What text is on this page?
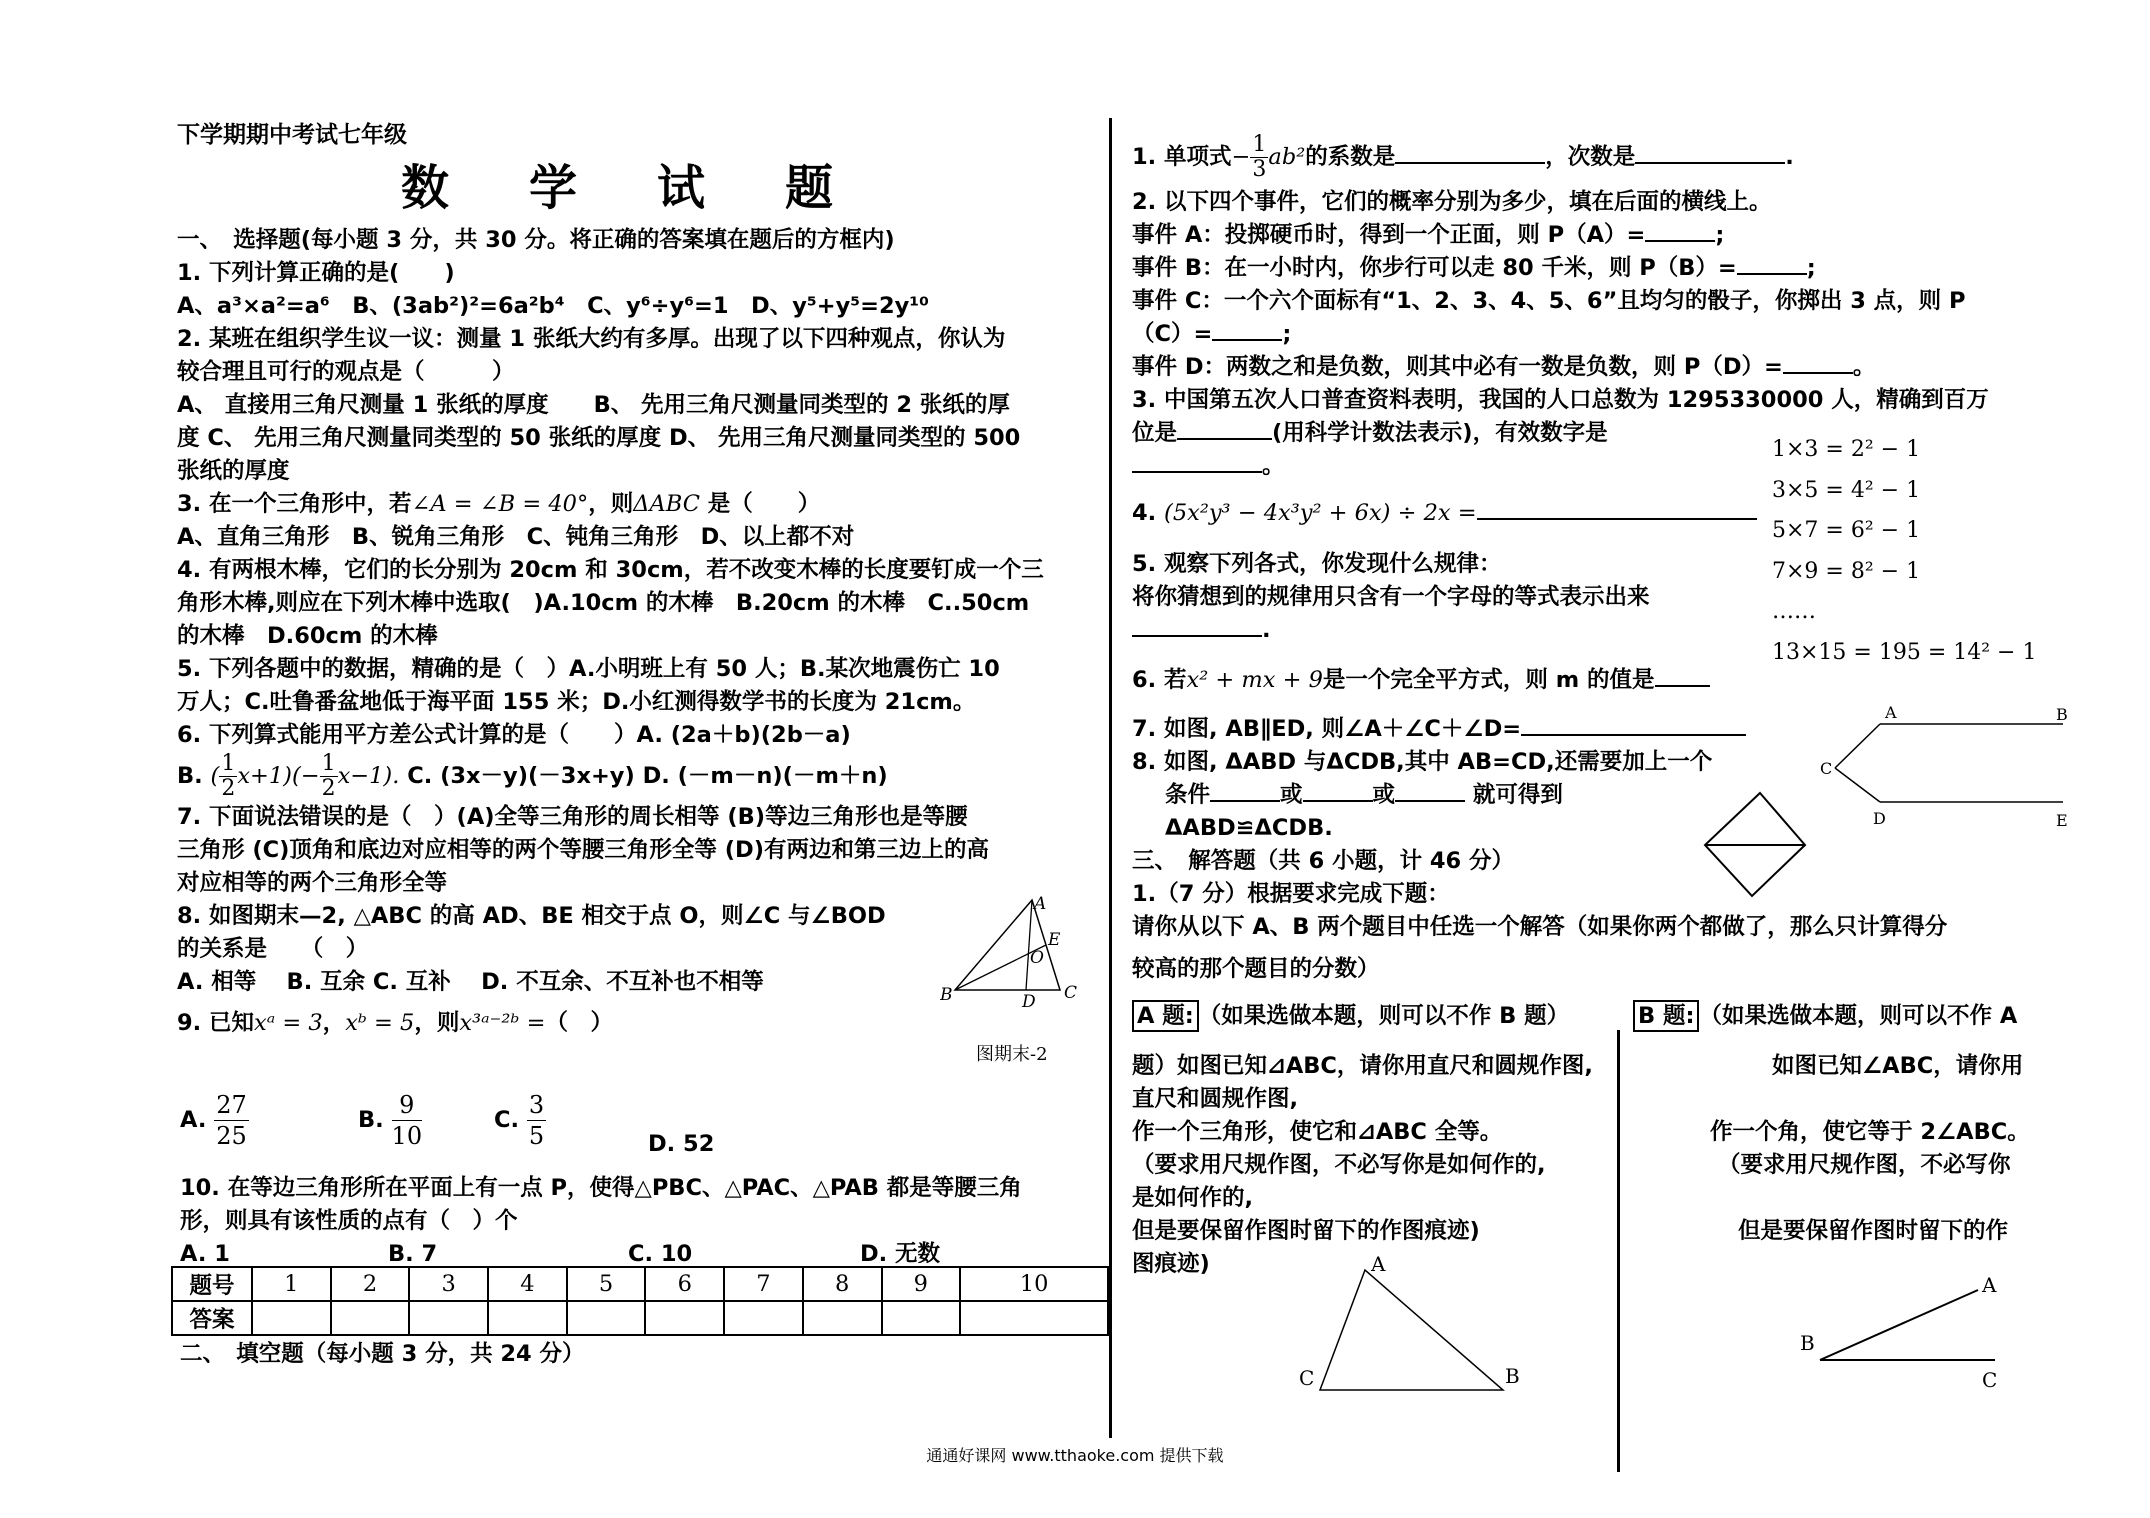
下学期期中考试七年级
数学试题
一、　选择题(每小题 3 分，共 30 分。将正确的答案填在题后的方框内)
1. 下列计算正确的是(　　)
A、a³×a²=a⁶　B、(3ab²)²=6a²b⁴　C、y⁶÷y⁶=1　D、y⁵+y⁵=2y¹⁰
2. 某班在组织学生议一议：测量 1 张纸大约有多厚。出现了以下四种观点，你认为
较合理且可行的观点是（　　　）
A、 直接用三角尺测量 1 张纸的厚度　　B、 先用三角尺测量同类型的 2 张纸的厚
度 C、 先用三角尺测量同类型的 50 张纸的厚度 D、 先用三角尺测量同类型的 500
张纸的厚度
3. 在一个三角形中，若∠A = ∠B = 40°，则ΔABC 是（　　）
A、直角三角形　B、锐角三角形　C、钝角三角形　D、以上都不对
4. 有两根木棒，它们的长分别为 20cm 和 30cm，若不改变木棒的长度要钉成一个三
角形木棒,则应在下列木棒中选取(　)A.10cm 的木棒　B.20cm 的木棒　C..50cm
的木棒　D.60cm 的木棒
5. 下列各题中的数据，精确的是（　）A.小明班上有 50 人；B.某次地震伤亡 10
万人；C.吐鲁番盆地低于海平面 155 米；D.小红测得数学书的长度为 21cm。
6. 下列算式能用平方差公式计算的是（　　）A. (2a＋b)(2b－a)
B. ( $\frac{1}{2} x+1)(- \frac{1}{2} x-1)$. C. (3x－y)(－3x+y) D. (－m－n)(－m＋n)
7. 下面说法错误的是（　）(A)全等三角形的周长相等 (B)等边三角形也是等腰
三角形 (C)顶角和底边对应相等的两个等腰三角形全等 (D)有两边和第三边上的高
对应相等的两个三角形全等
8. 如图期末—2, △ABC 的高 AD、BE 相交于点 O，则∠C 与∠BOD
的关系是　　（　）
A. 相等　 B. 互余 C. 互补　 D. 不互余、不互补也不相等
9. 已知xᵃ = 3，xᵇ = 5，则x³ᵃ⁻²ᵇ =（　）
A
E
O
B	D C
图期末-2
A. $\frac{27}{25}$	B. $\frac{9}{10}$	C. $\frac{3}{5}$	D. 52
10. 在等边三角形所在平面上有一点 P，使得△PBC、△PAC、△PAB 都是等腰三角
形，则具有该性质的点有（　）个
A. 1	B. 7	C. 10	D. 无数
题号	1	2	3	4	5	6	7	8	9	10
答案										
二、　填空题（每小题 3 分，共 24 分）
1. 单项式− $\frac{1}{3} ab^2$的系数是	，次数是	.
2. 以下四个事件，它们的概率分别为多少，填在后面的横线上。
事件 A：投掷硬币时，得到一个正面，则 P（A）=	;
事件 B：在一小时内，你步行可以走 80 千米，则 P（B）=	;
事件 C：一个六个面标有“1、2、3、4、5、6”且均匀的骰子，你掷出 3 点，则 P
（C）=	;
事件 D：两数之和是负数，则其中必有一数是负数，则 P（D）=	。
3. 中国第五次人口普查资料表明，我国的人口总数为 1295330000 人，精确到百万
位是	(用科学计数法表示)，有效数字是
。
1×3 = 2² − 1
3×5 = 4² − 1
5×7 = 6² − 1
7×9 = 8² − 1
……
13×15 = 195 = 14² − 1
4. (5x²y³ − 4x³y² + 6x) ÷ 2x =
5. 观察下列各式，你发现什么规律：
将你猜想到的规律用只含有一个字母的等式表示出来
.
6. 若x² + mx + 9是一个完全平方式，则 m 的值是
7. 如图, AB∥ED, 则∠A＋∠C＋∠D=
8. 如图, ΔABD 与ΔCDB,其中 AB=CD,还需要加上一个
条件	或	或	就可得到
ΔABD≌ΔCDB.
A	B
C
D	E
三、　解答题（共 6 小题，计 46 分）
1.（7 分）根据要求完成下题：
请你从以下 A、B 两个题目中任选一个解答（如果你两个都做了，那么只计算得分
较高的那个题目的分数）
A 题: （如果选做本题，则可以不作 B 题）	B 题: （如果选做本题，则可以不作 A
题）如图已知⊿ABC，请你用直尺和圆规作图,
直尺和圆规作图,
作一个三角形，使它和⊿ABC 全等。
（要求用尺规作图，不必写你是如何作的,
是如何作的,
但是要保留作图时留下的作图痕迹)
图痕迹)
如图已知∠ABC，请你用
作一个角，使它等于 2∠ABC。
（要求用尺规作图，不必写你
但是要保留作图时留下的作
A
C	B
A
B
C
通通好课网 www.tthaoke.com 提供下载
